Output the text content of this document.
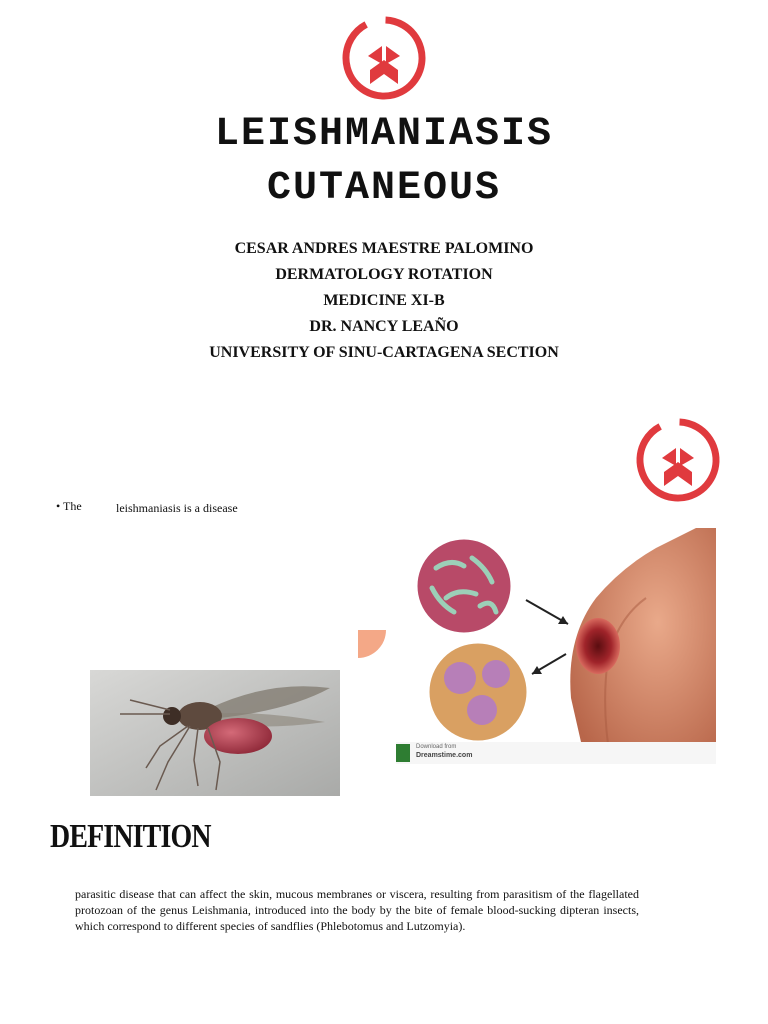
LEISHMANIASIS
CUTANEOUS
CESAR ANDRES MAESTRE PALOMINO
DERMATOLOGY ROTATION
MEDICINE XI-B
DR. NANCY LEAÑO
UNIVERSITY OF SINU-CARTAGENA SECTION
• The	leishmaniasis is a disease
Download from
Dreamstime.com
DEFINITION
parasitic disease that can affect the skin, mucous membranes or viscera, resulting from parasitism of the flagellated protozoan of the genus Leishmania, introduced into the body by the bite of female blood-sucking dipteran insects, which correspond to different species of sandflies (Phlebotomus and Lutzomyia).
